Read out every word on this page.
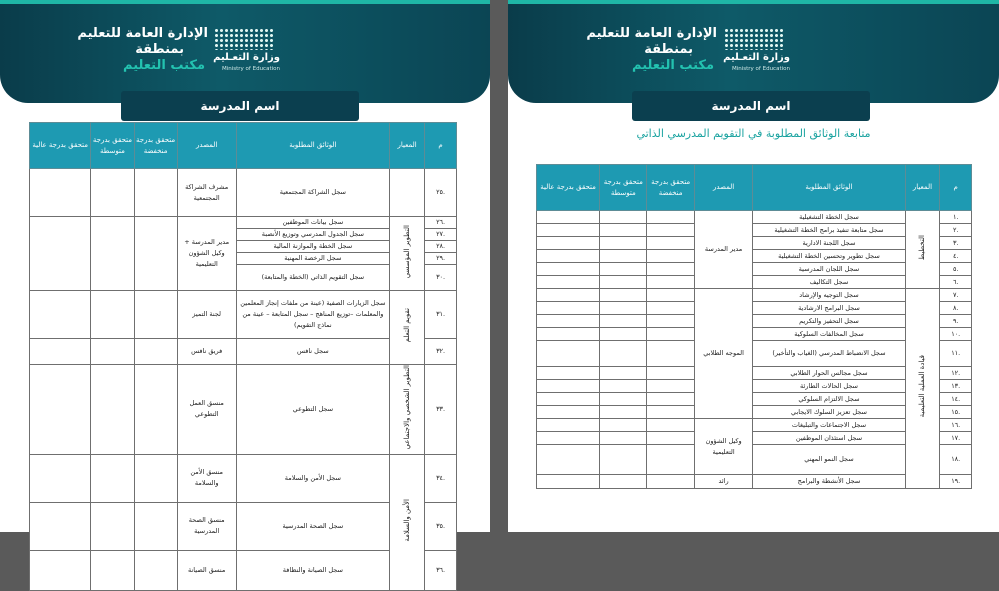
الإدارة العامة للتعليم
بمنطقة
مكتب التعليم
وزارة التعـليم
Ministry of Education
اسم المدرسة
م	المعيار	الوثائق المطلوبة	المصدر	متحقق بدرجة منخفضة	متحقق بدرجة متوسطة	متحقق بدرجة عالية
.٢٥		سجل الشراكة المجتمعية	مشرف الشراكة المجتمعية			
.٢٦	التطوير المؤسسي	سجل بيانات الموظفين	مدير المدرسة + وكيل الشؤون التعليمية			
.٢٧		سجل الجدول المدرسي وتوزيع الأنصبة				
.٢٨		سجل الخطة والموازنة المالية				
.٢٩		سجل الرخصة المهنية				
.٣٠		سجل التقويم الذاتي (الخطة والمتابعة)				
.٣١	تقويم التعلم	سجل الزيارات الصفية (عينة من ملفات إنجاز المعلمين والمعلمات –توزيع المناهج – سجل المتابعة – عينة من نماذج التقويم)	لجنة التميز			
.٣٢		سجل نافس	فريق نافس			
.٣٣	التطوير الشخصي والاجتماعي	سجل التطوعي	منسق العمل التطوعي			
.٣٤	الأمن والسلامة	سجل الأمن والسلامة	منسق الأمن والسلامة			
.٣٥		سجل الصحة المدرسية	منسق الصحة المدرسية			
.٣٦		سجل الصيانة والنظافة	منسق الصيانة			
الإدارة العامة للتعليم
بمنطقة
مكتب التعليم
وزارة التعـليم
Ministry of Education
اسم المدرسة
متابعة الوثائق المطلوبة في التقويم المدرسي الذاتي
م	المعيار	الوثائق المطلوبة	المصدر	متحقق بدرجة منخفضة	متحقق بدرجة متوسطة	متحقق بدرجة عالية
.١	التخطيط	سجل الخطة التشغيلية	مدير المدرسة			
.٢		سجل متابعة تنفيذ برامج الخطة التشغيلية				
.٣		سجل اللجنة الادارية				
.٤		سجل تطوير وتحسين الخطة التشغيلية				
.٥		سجل اللجان المدرسية				
.٦		سجل التكاليف				
.٧	قيادة العملية التعليمية	سجل التوجيه والإرشاد	الموجه الطلابي			
.٨		سجل البرامج الارشادية				
.٩		سجل التحفيز والتكريم				
.١٠		سجل المخالفات السلوكية				
.١١		سجل الانضباط المدرسي (الغياب والتأخير)				
.١٢		سجل مجالس الحوار الطلابي				
.١٣		سجل الحالات الطارئة				
.١٤		سجل الالتزام السلوكي				
.١٥		سجل تعزيز السلوك الايجابي				
.١٦		سجل الاجتماعات والتبليغات	وكيل الشؤون التعليمية			
.١٧		سجل استئذان الموظفين				
.١٨		سجل النمو المهني				
.١٩		سجل الأنشطة والبرامج	رائد			
